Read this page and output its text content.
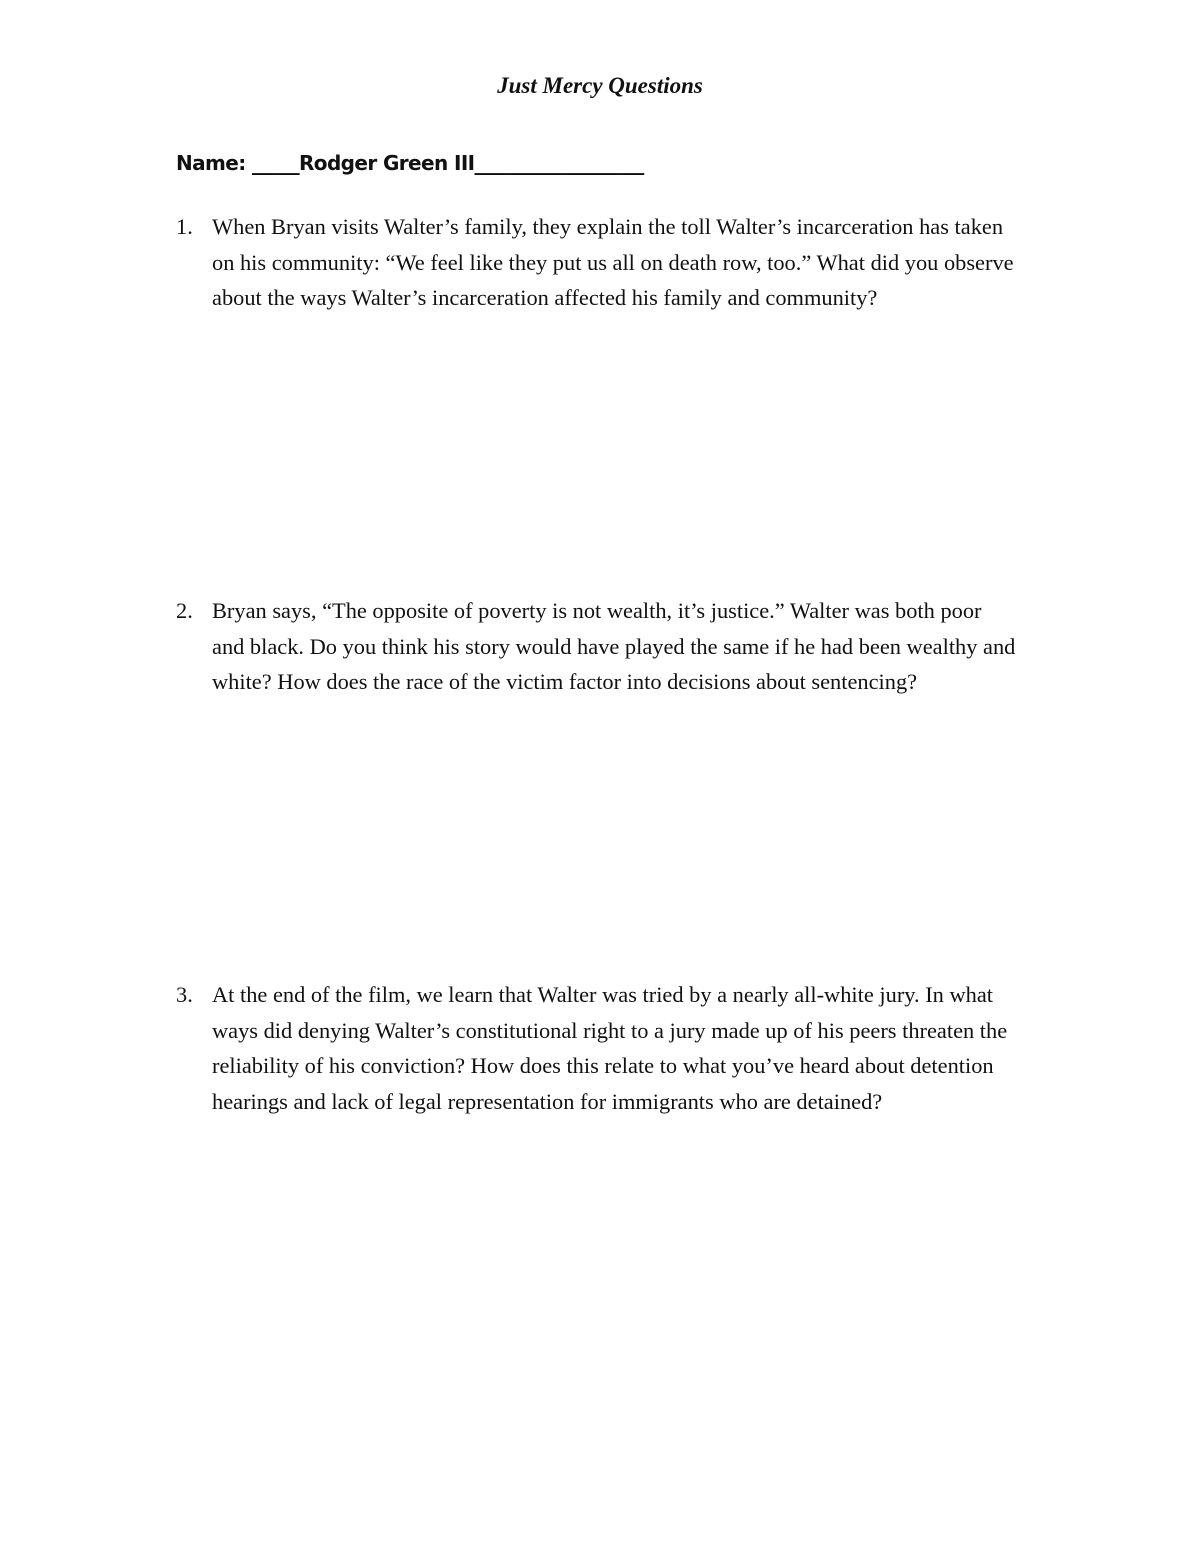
Just Mercy Questions
Name: _____Rodger Green III__________________
1. When Bryan visits Walter’s family, they explain the toll Walter’s incarceration has taken
on his community: “We feel like they put us all on death row, too.” What did you observe
about the ways Walter’s incarceration affected his family and community?
2. Bryan says, “The opposite of poverty is not wealth, it’s justice.” Walter was both poor
and black. Do you think his story would have played the same if he had been wealthy and
white? How does the race of the victim factor into decisions about sentencing?
3. At the end of the film, we learn that Walter was tried by a nearly all-white jury. In what
ways did denying Walter’s constitutional right to a jury made up of his peers threaten the
reliability of his conviction? How does this relate to what you’ve heard about detention
hearings and lack of legal representation for immigrants who are detained?
